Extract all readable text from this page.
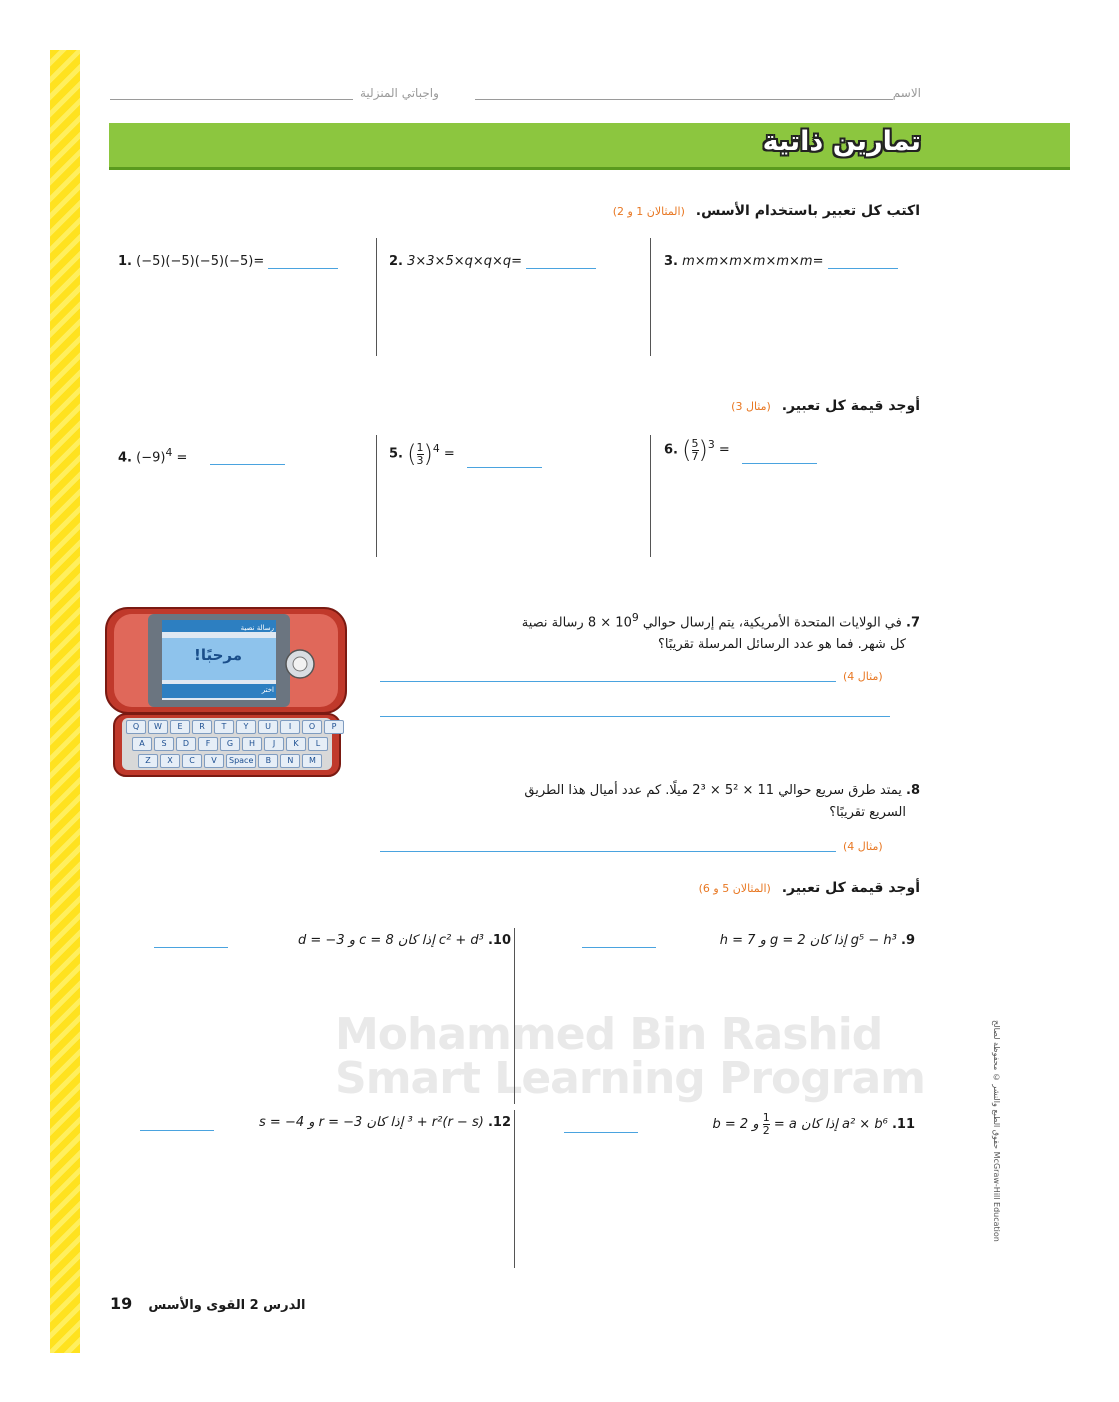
الاسم
واجباتي المنزلية
تمارين ذاتية
Mohammed Bin Rashid
Smart Learning Program
اكتب كل تعبير باستخدام الأسس. (المثالان 1 و 2)
1. (−5)(−5)(−5)(−5)=	2. 3×3×5×q×q×q=	3. m×m×m×m×m×m=
أوجد قيمة كل تعبير. (مثال 3)
4. $(-9)^4$ =	5. ( $\frac{1}{3} )^4$ =	6. ( $\frac{5}{7} )^3$ =
رسالة نصية
مرحبًا!
اختر
Q	W	E	R	T	Y	U	I	O	P
A	S	D	F	G	H	J	K	L
Z	X	C	V	Space	B	N	M
7. في الولايات المتحدة الأمريكية، يتم إرسال حوالي $10^9 \times 8$ رسالة نصية
كل شهر. فما هو عدد الرسائل المرسلة تقريبًا؟
(مثال 4)
8. يمتد طرق سريع حوالي 11 × 5² × 2³ ميلًا. كم عدد أميال هذا الطريق
السريع تقريبًا؟
(مثال 4)
أوجد قيمة كل تعبير. (المثالان 5 و 6)
9. g⁵ − h³ إذا كان g = 2 و h = 7
10. c² + d³ إذا كان c = 8 و d = −3
11. a² × b⁶ إذا كان a =
$\frac{1}{2}$
و b = 2
12. (r − s)³ + r² إذا كان r = −3 و s = −4	حقوق الطبع والنشر © محفوظة لصالح McGraw-Hill Education
19 الدرس 2 القوى والأسس
